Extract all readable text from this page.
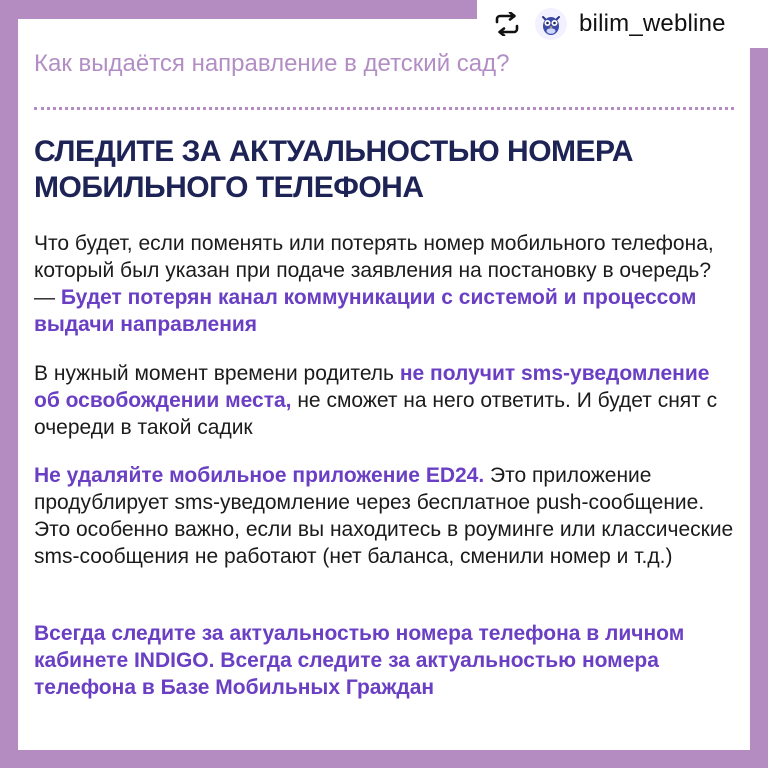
bilim_webline
Как выдаётся направление в детский сад?
СЛЕДИТЕ ЗА АКТУАЛЬНОСТЬЮ НОМЕРА МОБИЛЬНОГО ТЕЛЕФОНА

Что будет, если поменять или потерять номер мобильного телефона, который был указан при подаче заявления на постановку в очередь? — Будет потерян канал коммуникации с системой и процессом выдачи направления

В нужный момент времени родитель не получит sms-уведомление об освобождении места, не сможет на него ответить. И будет снят с очереди в такой садик

Не удаляйте мобильное приложение ED24. Это приложение продублирует sms-уведомление через бесплатное push-сообщение. Это особенно важно, если вы находитесь в роуминге или классические sms-сообщения не работают (нет баланса, сменили номер и т.д.)

Всегда следите за актуальностью номера телефона в личном кабинете INDIGO. Всегда следите за актуальностью номера телефона в Базе Мобильных Граждан
